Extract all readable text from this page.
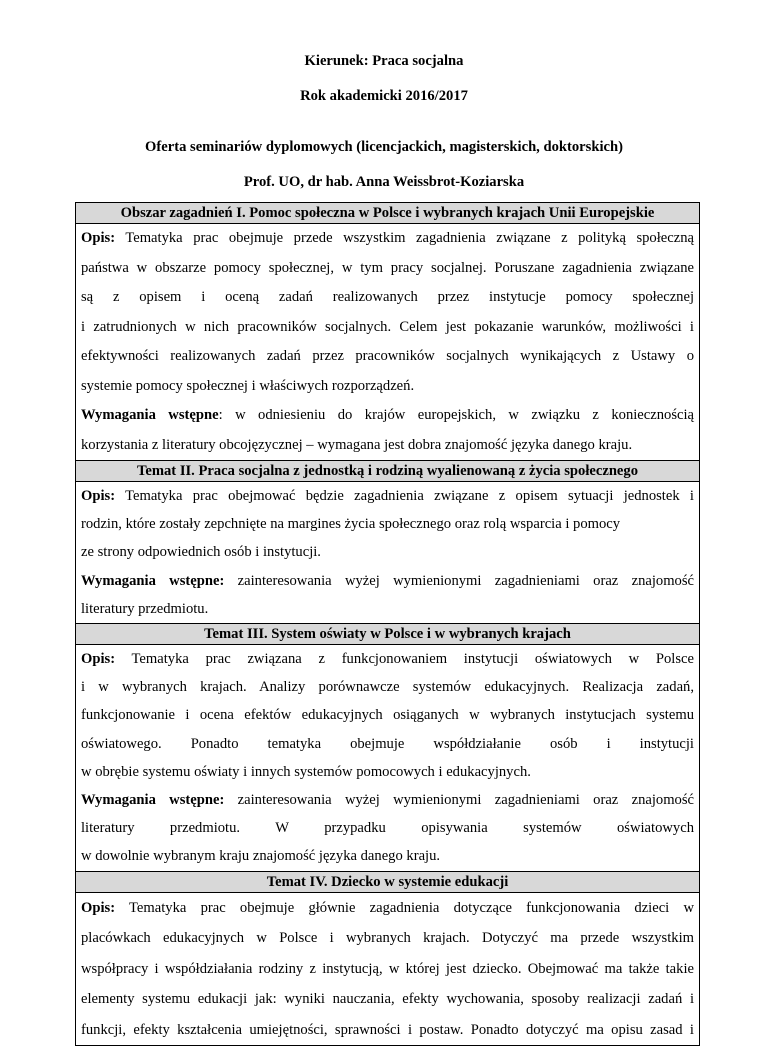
Kierunek: Praca socjalna

Rok akademicki 2016/2017

Oferta seminariów dyplomowych (licencjackich, magisterskich, doktorskich)

Prof. UO, dr hab. Anna Weissbrot-Koziarska

Obszar zagadnień I. Pomoc społeczna w Polsce i wybranych krajach Unii Europejskie

Opis: Tematyka prac obejmuje przede wszystkim zagadnienia związane z polityką społeczną
państwa w obszarze pomocy społecznej, w tym pracy socjalnej. Poruszane zagadnienia związane
są z opisem i oceną zadań realizowanych przez instytucje pomocy społecznej
i zatrudnionych w nich pracowników socjalnych. Celem jest pokazanie warunków, możliwości i
efektywności realizowanych zadań przez pracowników socjalnych wynikających z Ustawy o
systemie pomocy społecznej i właściwych rozporządzeń.
Wymagania wstępne: w odniesieniu do krajów europejskich, w związku z koniecznością
korzystania z literatury obcojęzycznej – wymagana jest dobra znajomość języka danego kraju.

Temat II. Praca socjalna z jednostką i rodziną wyalienowaną z życia społecznego

Opis: Tematyka prac obejmować będzie zagadnienia związane z opisem sytuacji jednostek i
rodzin, które zostały zepchnięte na margines życia społecznego oraz rolą wsparcia i pomocy
ze strony odpowiednich osób i instytucji.
Wymagania wstępne: zainteresowania wyżej wymienionymi zagadnieniami oraz znajomość
literatury przedmiotu.

Temat III. System oświaty w Polsce i w wybranych krajach

Opis: Tematyka prac związana z funkcjonowaniem instytucji oświatowych w Polsce
i w wybranych krajach. Analizy porównawcze systemów edukacyjnych. Realizacja zadań,
funkcjonowanie i ocena efektów edukacyjnych osiąganych w wybranych instytucjach systemu
oświatowego. Ponadto tematyka obejmuje współdziałanie osób i instytucji
w obrębie systemu oświaty i innych systemów pomocowych i edukacyjnych.
Wymagania wstępne: zainteresowania wyżej wymienionymi zagadnieniami oraz znajomość
literatury przedmiotu. W przypadku opisywania systemów oświatowych
w dowolnie wybranym kraju znajomość języka danego kraju.

Temat IV. Dziecko w systemie edukacji

Opis: Tematyka prac obejmuje głównie zagadnienia dotyczące funkcjonowania dzieci w
placówkach edukacyjnych w Polsce i wybranych krajach. Dotyczyć ma przede wszystkim
współpracy i współdziałania rodziny z instytucją, w której jest dziecko. Obejmować ma także takie
elementy systemu edukacji jak: wyniki nauczania, efekty wychowania, sposoby realizacji zadań i
funkcji, efekty kształcenia umiejętności, sprawności i postaw. Ponadto dotyczyć ma opisu zasad i
